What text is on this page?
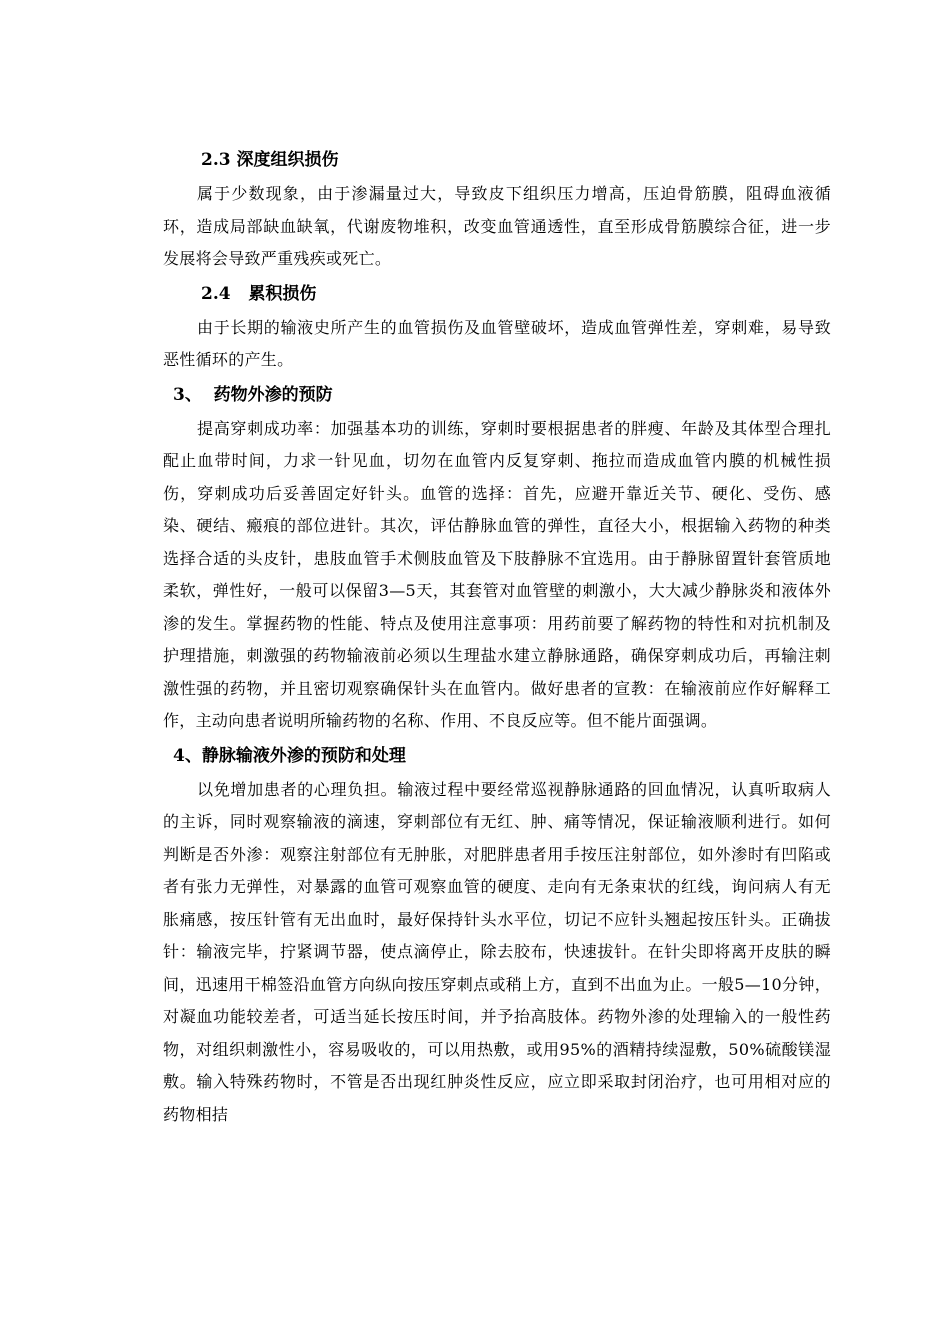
2.3 深度组织损伤

属于少数现象，由于渗漏量过大，导致皮下组织压力增高，压迫骨筋膜，阻碍血液循环，造成局部缺血缺氧，代谢废物堆积，改变血管通透性，直至形成骨筋膜综合征，进一步发展将会导致严重残疾或死亡。

2.4   累积损伤

由于长期的输液史所产生的血管损伤及血管壁破坏，造成血管弹性差，穿刺难，易导致恶性循环的产生。

3、  药物外渗的预防

提高穿刺成功率：加强基本功的训练，穿刺时要根据患者的胖瘦、年龄及其体型合理扎配止血带时间，力求一针见血，切勿在血管内反复穿刺、拖拉而造成血管内膜的机械性损伤，穿刺成功后妥善固定好针头。血管的选择：首先，应避开靠近关节、硬化、受伤、感染、硬结、瘢痕的部位进针。其次，评估静脉血管的弹性，直径大小，根据输入药物的种类选择合适的头皮针，患肢血管手术侧肢血管及下肢静脉不宜选用。由于静脉留置针套管质地柔软，弹性好，一般可以保留3—5天，其套管对血管壁的刺激小，大大减少静脉炎和液体外渗的发生。掌握药物的性能、特点及使用注意事项：用药前要了解药物的特性和对抗机制及护理措施，刺激强的药物输液前必须以生理盐水建立静脉通路，确保穿刺成功后，再输注刺激性强的药物，并且密切观察确保针头在血管内。做好患者的宣教：在输液前应作好解释工作，主动向患者说明所输药物的名称、作用、不良反应等。但不能片面强调。

4、静脉输液外渗的预防和处理

以免增加患者的心理负担。输液过程中要经常巡视静脉通路的回血情况，认真听取病人的主诉，同时观察输液的滴速，穿刺部位有无红、肿、痛等情况，保证输液顺利进行。如何判断是否外渗：观察注射部位有无肿胀，对肥胖患者用手按压注射部位，如外渗时有凹陷或者有张力无弹性，对暴露的血管可观察血管的硬度、走向有无条束状的红线，询问病人有无胀痛感，按压针管有无出血时，最好保持针头水平位，切记不应针头翘起按压针头。正确拔针：输液完毕，拧紧调节器，使点滴停止，除去胶布，快速拔针。在针尖即将离开皮肤的瞬间，迅速用干棉签沿血管方向纵向按压穿刺点或稍上方，直到不出血为止。一般5—10分钟，对凝血功能较差者，可适当延长按压时间，并予抬高肢体。药物外渗的处理输入的一般性药物，对组织刺激性小，容易吸收的，可以用热敷，或用95%的酒精持续湿敷，50%硫酸镁湿敷。输入特殊药物时，不管是否出现红肿炎性反应，应立即采取封闭治疗，也可用相对应的药物相拮
